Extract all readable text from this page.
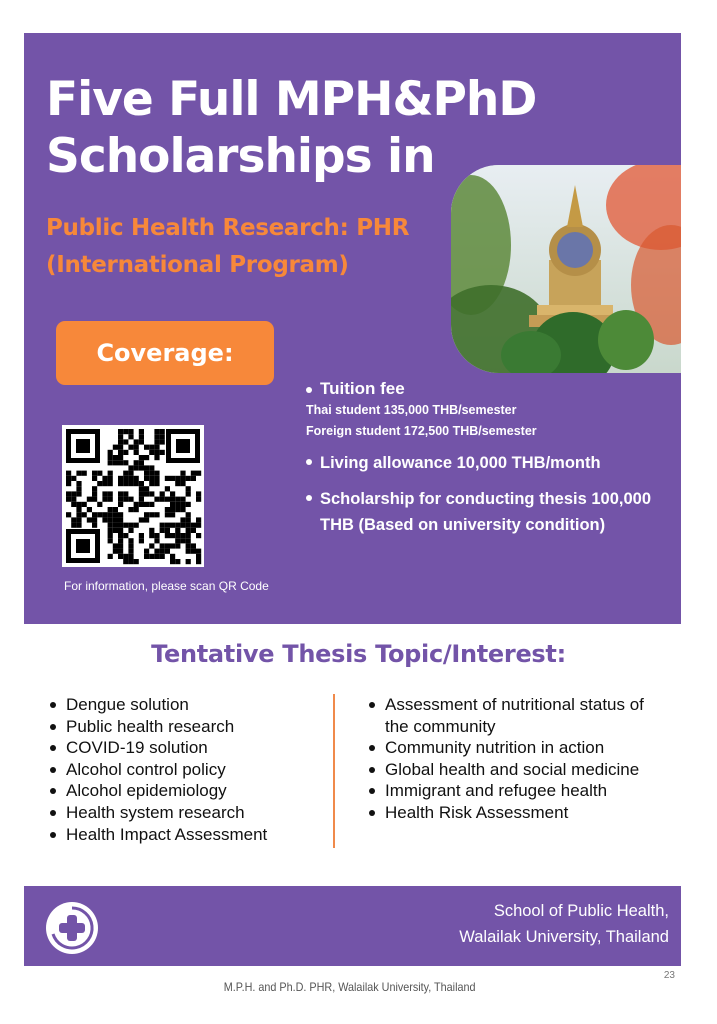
Five Full MPH&PhD
Scholarships in
Public Health Research: PHR
(International Program)
Coverage:

For information, please scan QR Code

Tuition fee
Thai student 135,000 THB/semester
Foreign student 172,500 THB/semester
Living allowance 10,000 THB/month
Scholarship for conducting thesis 100,000 THB (Based on university condition)
Tentative Thesis Topic/Interest:
Dengue solution
Public health research
COVID-19 solution
Alcohol control policy
Alcohol epidemiology
Health system research
Health Impact Assessment
Assessment of nutritional status of the community
Community nutrition in action
Global health and social medicine
Immigrant and refugee health
Health Risk Assessment

School of Public Health,

Walailak University, Thailand

23
M.P.H. and Ph.D. PHR, Walailak University, Thailand
